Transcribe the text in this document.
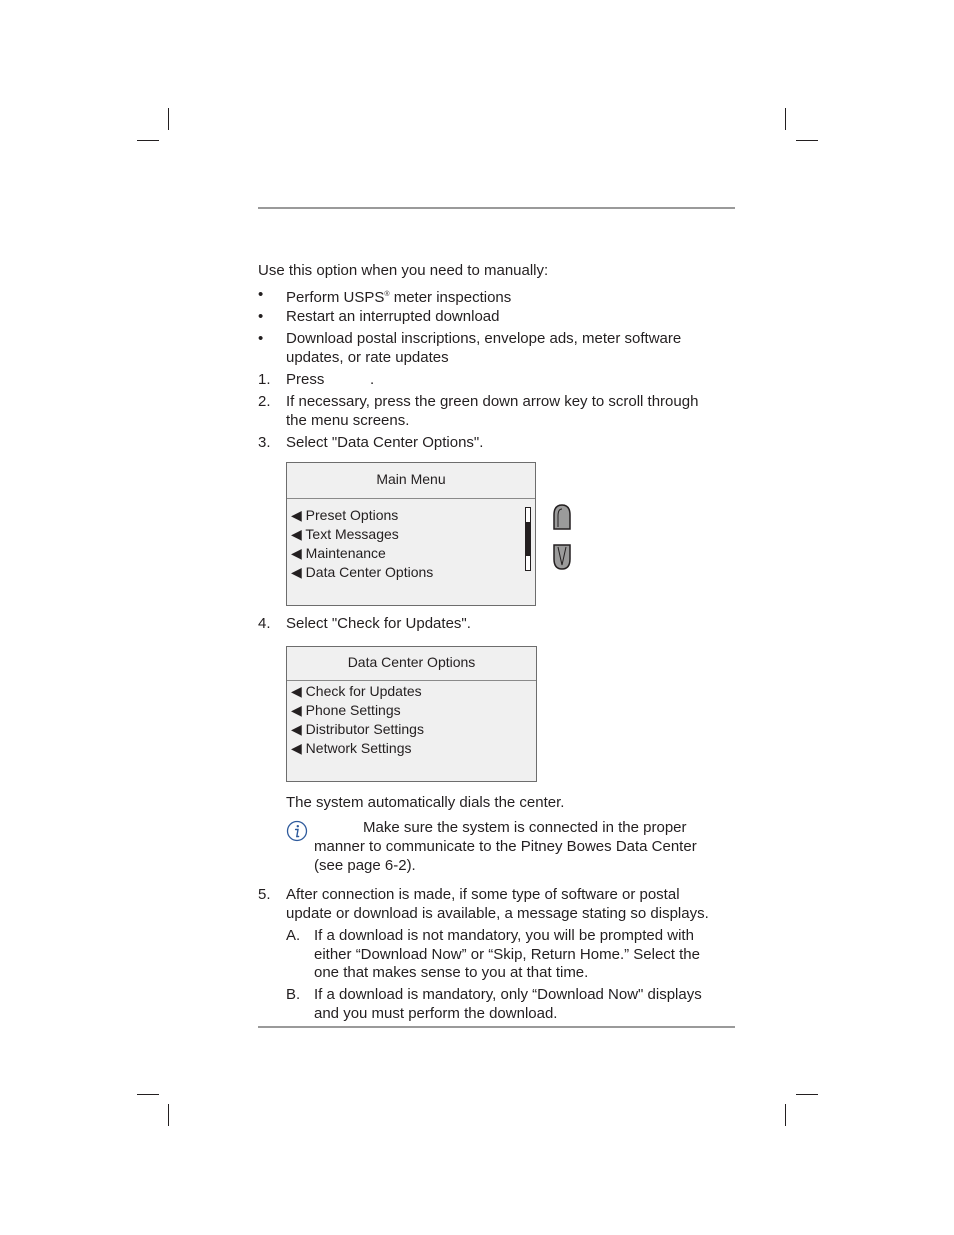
Use this option when you need to manually:
• Perform USPS® meter inspections
• Restart an interrupted download
• Download postal inscriptions, envelope ads, meter software
updates, or rate updates
1. Press	.
2. If necessary, press the green down arrow key to scroll through
the menu screens.
3. Select "Data Center Options".
Main Menu
◀ Preset Options
◀ Text Messages
◀ Maintenance
◀ Data Center Options
4. Select "Check for Updates".
Data Center Options
◀ Check for Updates
◀ Phone Settings
◀ Distributor Settings
◀ Network Settings
The system automatically dials the center.
Make sure the system is connected in the proper
manner to communicate to the Pitney Bowes Data Center
(see page 6-2).
5. After connection is made, if some type of software or postal
update or download is available, a message stating so displays.
A. If a download is not mandatory, you will be prompted with
either “Download Now” or “Skip, Return Home.” Select the
one that makes sense to you at that time.
B. If a download is mandatory, only “Download Now" displays
and you must perform the download.
